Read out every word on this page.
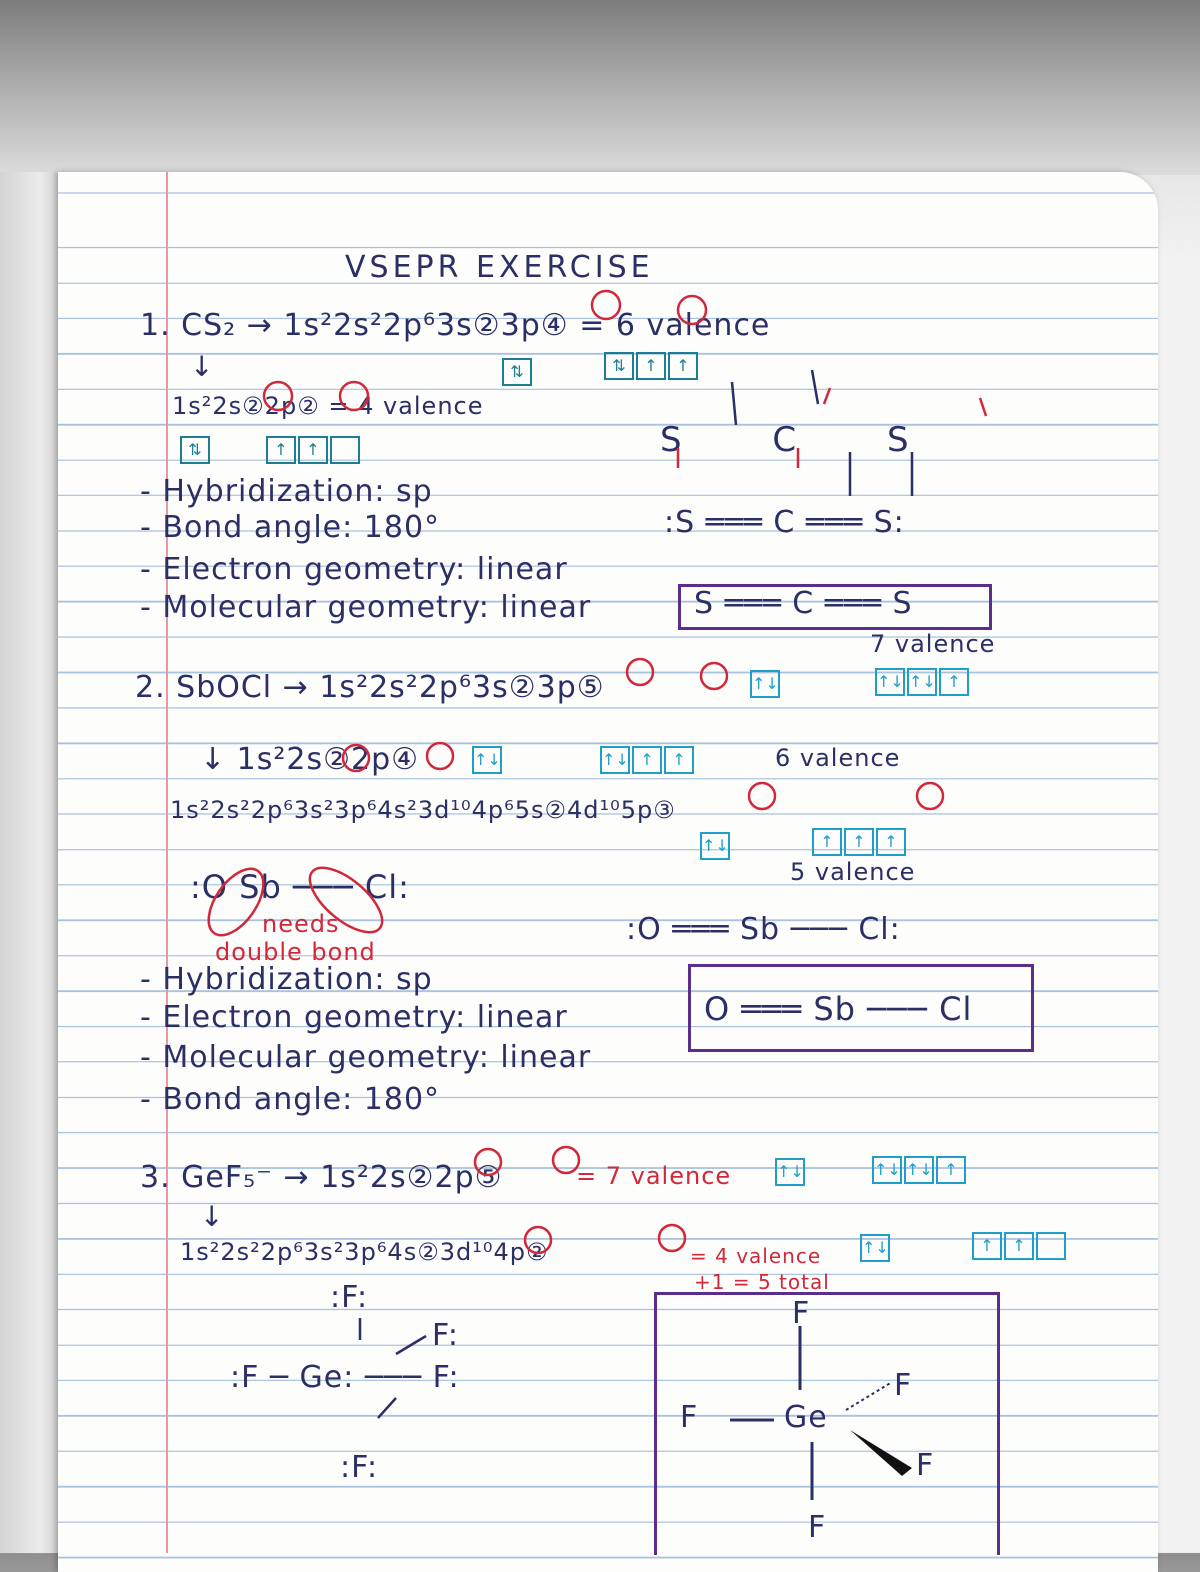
VSEPR EXERCISE
1. CS₂ → 1s²2s²2p⁶3s②3p④ = 6 valence
↓	⇅	⇅	↑	↑
1s²2s②2p② = 4 valence
⇅	↑	↑	S C S
:S ═══ C ═══ S:
- Hybridization: sp
- Bond angle: 180°
- Electron geometry: linear
- Molecular geometry: linear	S ═══ C ═══ S
7 valence
2. SbOCl → 1s²2s²2p⁶3s②3p⑤	↑↓	↑↓ ↑↓ ↑
↓ 1s²2s②2p④	↑↓	↑↓ ↑	↑	6 valence
1s²2s²2p⁶3s²3p⁶4s²3d¹⁰4p⁶5s②4d¹⁰5p③
↑↓	↑	↑	↑
5 valence
:O Sb ─── Cl:
needs
double bond
:O ═══ Sb ─── Cl:
- Hybridization: sp
- Electron geometry: linear
- Molecular geometry: linear
- Bond angle: 180°
O ═══ Sb ─── Cl
3. GeF₅⁻ → 1s²2s②2p⑤	= 7 valence	↑↓	↑↓ ↑↓ ↑
↓
1s²2s²2p⁶3s²3p⁶4s②3d¹⁰4p②	= 4 valence	↑↓	↑	↑
+1 = 5 total
:F:
F:
:F ─ Ge: ─── F:
:F:
F
F	Ge
F
F
F
